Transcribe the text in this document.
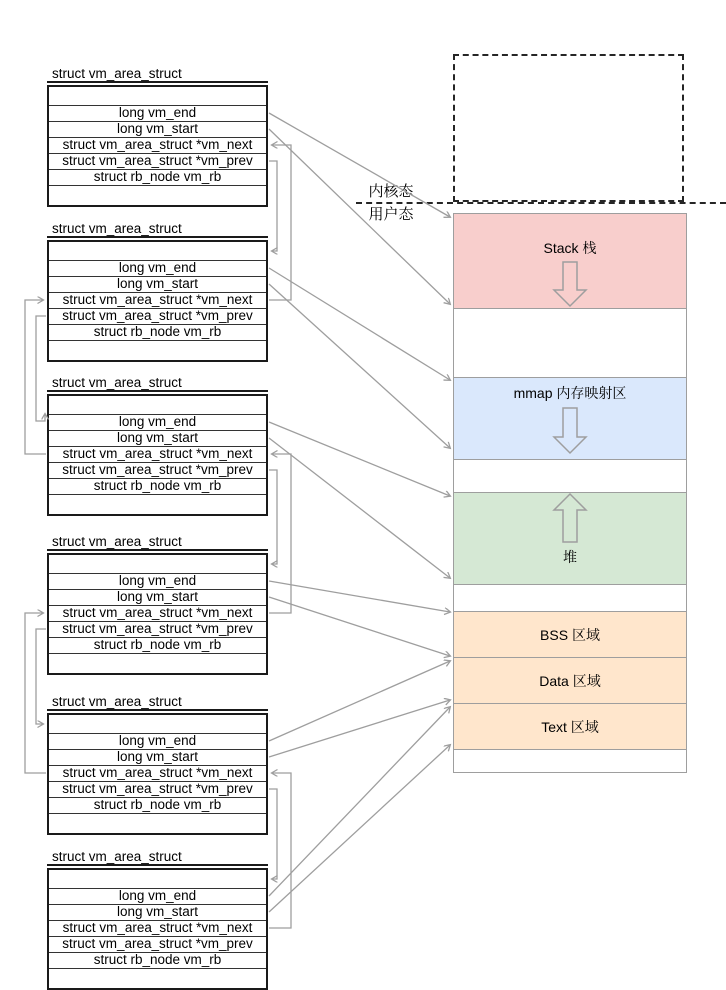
struct vm_area_struct
long vm_end
long vm_start
struct vm_area_struct *vm_next
struct vm_area_struct *vm_prev
struct rb_node vm_rb
struct vm_area_struct
long vm_end
long vm_start
struct vm_area_struct *vm_next
struct vm_area_struct *vm_prev
struct rb_node vm_rb
struct vm_area_struct
long vm_end
long vm_start
struct vm_area_struct *vm_next
struct vm_area_struct *vm_prev
struct rb_node vm_rb
struct vm_area_struct
long vm_end
long vm_start
struct vm_area_struct *vm_next
struct vm_area_struct *vm_prev
struct rb_node vm_rb
struct vm_area_struct
long vm_end
long vm_start
struct vm_area_struct *vm_next
struct vm_area_struct *vm_prev
struct rb_node vm_rb
struct vm_area_struct
long vm_end
long vm_start
struct vm_area_struct *vm_next
struct vm_area_struct *vm_prev
struct rb_node vm_rb
内核态
用户态
Stack 栈
mmap 内存映射区
堆
BSS 区域
Data 区域
Text 区域
